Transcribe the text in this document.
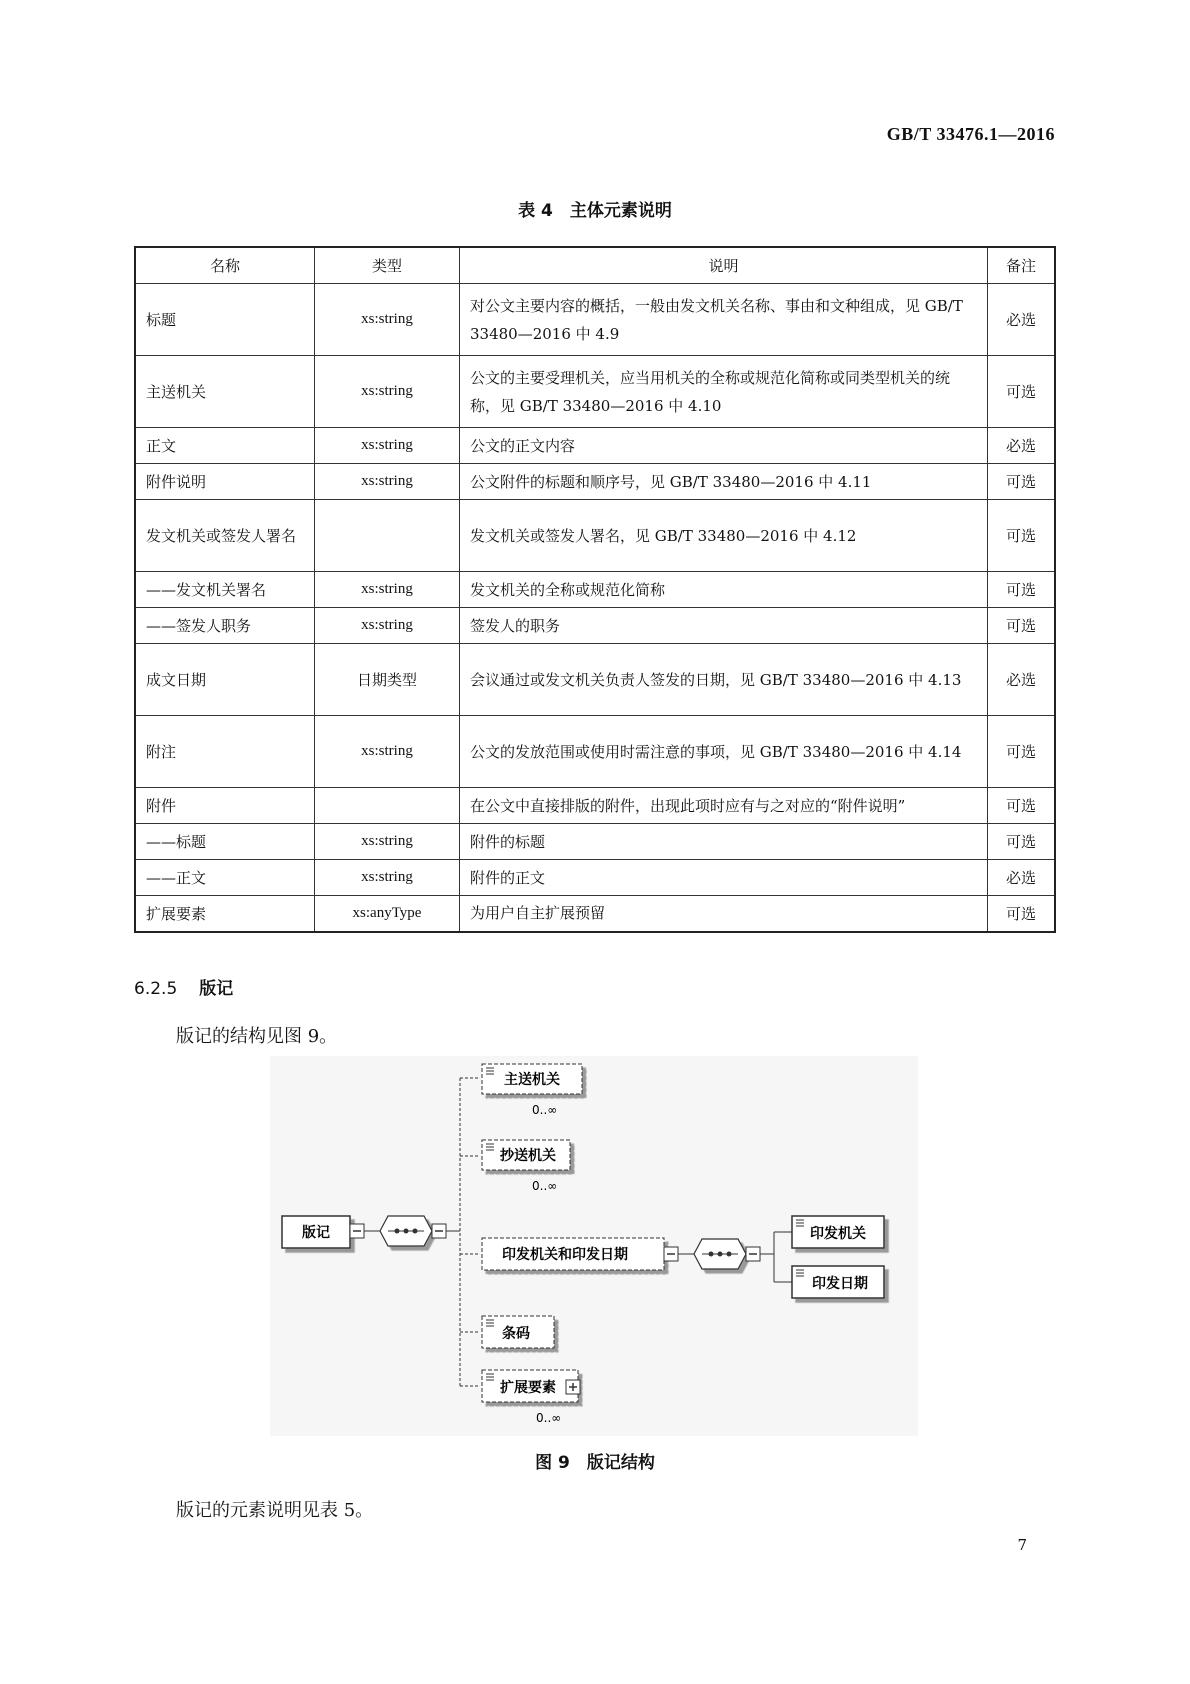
GB/T 33476.1—2016
表 4　主体元素说明
名称	类型	说明	备注
标题	xs:string	对公文主要内容的概括，一般由发文机关名称、事由和文种组成，见 GB/T 33480—2016 中 4.9	必选
主送机关	xs:string	公文的主要受理机关，应当用机关的全称或规范化简称或同类型机关的统称，见 GB/T 33480—2016 中 4.10	可选
正文	xs:string	公文的正文内容	必选
附件说明	xs:string	公文附件的标题和顺序号，见 GB/T 33480—2016 中 4.11	可选
发文机关或签发人署名		发文机关或签发人署名，见 GB/T 33480—2016 中 4.12	可选
——发文机关署名	xs:string	发文机关的全称或规范化简称	可选
——签发人职务	xs:string	签发人的职务	可选
成文日期	日期类型	会议通过或发文机关负责人签发的日期，见 GB/T 33480—2016 中 4.13	必选
附注	xs:string	公文的发放范围或使用时需注意的事项，见 GB/T 33480—2016 中 4.14	可选
附件		在公文中直接排版的附件，出现此项时应有与之对应的“附件说明”	可选
——标题	xs:string	附件的标题	可选
——正文	xs:string	附件的正文	必选
扩展要素	xs:anyType	为用户自主扩展预留	可选
6.2.5 版记
版记的结构见图 9。
版记
主送机关
0..∞
抄送机关
0..∞
印发机关和印发日期
印发机关
印发日期
条码
扩展要素
0..∞
图 9　版记结构
版记的元素说明见表 5。
7
